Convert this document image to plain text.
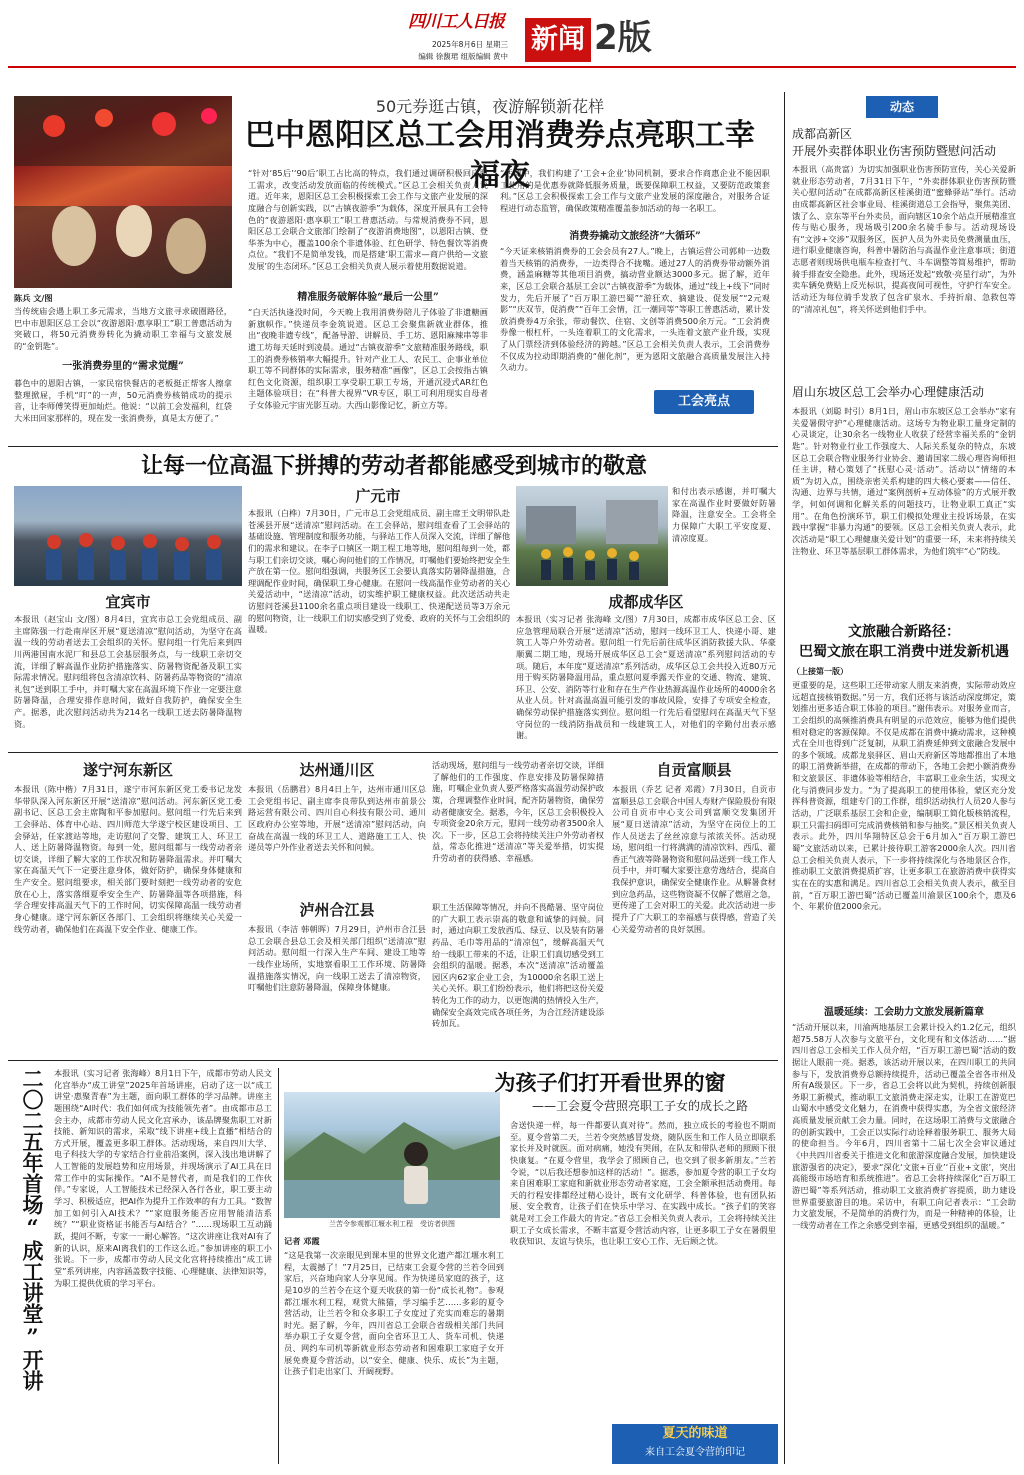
四川工人日报
2025年8月6日 星期三
编辑 徐馥珺 组版编辑 黄中
新闻 2版
陈兵 文/图
当传统庙会遇上职工多元需求，当地方文旅寻求破圈路径，巴中市恩阳区总工会以“夜游恩阳·惠享职工”职工普惠活动为突破口，将50元消费券转化为撬动职工幸福与文旅发展的“金钥匙”。
一张消费券里的“需求觉醒”
暮色中的恩阳古镇，一家民宿快餐店的老板挺正帮客人擦拿整理掀屉，手机“叮”的一声，50元消费券核销成功的提示音，让李师傅笑得更加灿烂。他说：“以前工会发福利，红袋大米田回家那样的，现在发一张消费券，真是太方便了。”
50元券逛古镇，夜游解锁新花样
巴中恩阳区总工会用消费券点亮职工幸福夜
“针对‘85后’‘90后’职工占比高的特点，我们通过调研积极回应职工需求，改变活动发放面临的传统模式。”区总工会相关负责人说道。近年来，恩阳区总工会积极探索工会工作与文旅产业发展的深度融合与创新实践，以“古镇夜游季”为载体，深度开展具有工会特色的“夜游恩阳·惠享职工”职工普惠活动。与常规消费券不同，恩阳区总工会联合文旅部门绘制了“夜游消费地图”，以恩阳古镇、登华茶为中心，覆盖100余个非遗体验、红色研学、特色餐饮等消费点位。“我们不是简单发钱，而是搭建‘职工需求—商户供给—文旅发展’的生态闭环。”区总工会相关负责人展示着使用数据说道。
精准服务破解体验“最后一公里”
“白天活执逢没时间，今天晚上我用消费券陪儿子体验了非遗糖画新旗帜作。”快递员李金筑说道。区总工会聚焦新就业群体，推出“夜晚非遗专线”，配备导游、讲解员、手工坊、恩阳麻辣串等非遗工坊每天延时到凌晨。通过“古镇夜游季”文旅精准服务路线，职工的消费券核销率大幅提升。针对产业工人、农民工、企事业单位职工等不同群体的实际需求，服务精准“画像”，区总工会按指古镇红色文化资源，组织职工享受职工职工专场，开通沉浸式AR红色主题体验项目；在“科普大视界”VR专区，职工可利用现实自母者子女体验元宇宙光影互动。大西山影像记忆，新立方等。
“活动中，我们构建了‘工会+企业’协同机制，要求合作商惠企业不能因职工使用的是优惠券就降低服务质量，既要保障职工权益，又要防范政策套利。”区总工会积极探索工会工作与文旅产业发展的深度融合，对服务合证程进行动态监管，确保政策精准覆盖参加活动的每一名职工。
消费券撬动文旅经济“大循环”
“今天证来核销消费券的工会会员有27人。”晚上，古镇运营公司郭帅一边数着当天核销的消费券，一边类得合不拢嘴。通过27人的消费券带动额外消费，涵盖麻糖等其他项目消费，搞动营业额达3000多元。据了解，近年来，区总工会联合基层工会以“古镇夜游季”为载体，通过“线上+线下”同时发力，先后开展了“百万职工游巴蜀”“游狂欢、摘建设、促发展”“2元观影”“庆双节，促消费”“百年工会情，江一潮同等”等职工普惠活动，累计发放消费券4万余张，带动餐饮、住宿、文创等消费500余万元。“工会消费券像一根杠杆，一头连着职工的文化需求，一头连着文旅产业升级，实现了从门票经济到体验经济的跨越。”区总工会相关负责人表示，工会消费券不仅成为拉动即期消费的“催化剂”，更为恩阳文旅融合高质量发展注入持久动力。
工会亮点
让每一位高温下拼搏的劳动者都能感受到城市的敬意
宜宾市
本报讯（赵宝山 文/图）8月4日，宜宾市总工会党组成员、副主席陈强一行赴南岸区开展“夏送清凉”慰问活动，为坚守在高温一线的劳动者送去工会组织的关怀。慰问组一行先后来到四川两港国南水泥厂和县总工会基层服务点，与一线职工亲切交流，详细了解高温作业防护措施落实、防暑物资配备及职工实际需求情况。慰问组将包含清凉饮料、防暑药品等物资的“清凉礼包”送到职工手中，并叮嘱大家在高温环境下作业一定要注意防暑降温，合理安排作息时间，做好自我防护，确保安全生产。据悉，此次慰问活动共为214名一线职工送去防暑降温物资。
广元市
本报讯（白桦）7月30日，广元市总工会党组成员、副主席王文明带队赴苍溪县开展“送清凉”慰问活动。在工会驿站，慰问组查看了工会驿站的基础设施、管理制度和服务功能，与驿站工作人员深入交流，详细了解他们的需求和建议。在李子口镇区一期工程工地等地，慰问组每到一处，都与职工们亲切交谈，嘱心询问他们的工作情况，叮嘱他们要始终把安全生产放在第一位。慰问组强调，共服务区工会要认真落实防暑降温措施，合理调配作业时间，确保职工身心健康。在慰问一线高温作业劳动者的关心关爱活动中，“送清凉”活动，切实维护职工健康权益。此次送活动共走访慰问苍溪县1100余名重点项目建设一线职工、快递配送员等3万余元的慰问物资，让一线职工们切实感受到了党委、政府的关怀与工会组织的温暖。
和付出表示感谢，并叮嘱大家在高温作业时要做好防暑降温，注意安全。工会将全力保障广大职工平安度夏、清凉度夏。
成都成华区
本报讯（实习记者 张海峰 文/图）7月30日，成都市成华区总工会、区应急管理局联合开展“送清凉”活动，慰问一线环卫工人、快递小哥、建筑工人等户外劳动者。慰问组一行先后前往成华区消防救援大队、华豪顺翼二期工地，现场开展成华区总工会“夏送清凉”系列慰问活动的专项。随后，本年度“夏送清凉”系列活动，成华区总工会共投入近80万元用于购买防暑降温用品，重点慰问夏季露天作业的交通、物流、建筑、环卫、公安、消防等行业和存在生产作业热源高温作业场所的4000余名从业人员。针对高温高温可能引发的事故风险，安排了专项安全检查，确保劳动保护措施落实到位。慰问组一行先后看望慰问在高温天气下坚守岗位的一线消防指战员和一线建筑工人，对他们的辛勤付出表示感谢。
遂宁河东新区
本报讯（陈中楷）7月31日，遂宁市河东新区党工委书记龙发华带队深入河东新区开展“送清凉”慰问活动。河东新区党工委副书记、区总工会主席陶和平参加慰问。慰问组一行先后来到工会驿站、体育中心站、四川师范大学遂宁校区建设项目、工会驿站，任家渡站等地，走访慰问了交警、建筑工人、环卫工人、送上防暑降温物资。每到一处，慰问组都与一线劳动者亲切交谈，详细了解大家的工作状况和防暑降温需求。并叮嘱大家在高温天气下一定要注意身体，做好防护，确保身体健康和生产安全。慰问组要求，相关部门要时刻把一线劳动者的安危放在心上，落实落细夏季安全生产、防暑降温等各项措施，科学合理安排高温天气下的工作时间，切实保障高温一线劳动者身心健康。遂宁河东新区各部门、工会组织将继续关心关爱一线劳动者，确保他们在高温下安全作业、健康工作。
达州通川区
本报讯（岳鹏君）8月4日上午，达州市通川区总工会党组书记、副主席李良带队到达州市前景公路运营有限公司、四川自心科技有限公司、通川区政府办公室等地，开展“送清凉”慰问活动，向奋战在高温一线的环卫工人、道路施工工人、快递员等户外作业者送去关怀和问候。
泸州合江县
本报讯（李洁 韩朝晖）7月29日，泸州市合江县总工会联合县总工会及相关部门组织“送清凉”慰问活动。慰问组一行深入生产车间、建设工地等一线作业场所，实地察看职工工作环境、防暑降温措施落实情况，向一线职工送去了清凉物资，叮嘱他们注意防暑降温，保障身体健康。
活动现场，慰问组与一线劳动者亲切交谈，详细了解他们的工作强度、作息安排及防暑保障措施，叮嘱企业负责人要严格落实高温劳动保护政策，合理调整作业时间，配齐防暑物资，确保劳动者健康安全。据悉，今年，区总工会积极投入专项资金20余万元，慰问一线劳动者3500余人次。下一步，区总工会将持续关注户外劳动者权益，常态化推进“送清凉”等关爱举措，切实提升劳动者的获得感、幸福感。
职工生活保障等情况，并向不畏酷暑、坚守岗位的广大职工表示崇高的敬意和诚挚的问候。同时，通过向职工发放西瓜、绿豆、以及装有防暑药品、毛巾等用品的“清凉包”，缓解高温天气给一线职工带来的不适，让职工们真切感受到工会组织的温暖。据悉，本次“送清凉”活动覆盖园区内62家企业工会，为10000余名职工送上关心关怀。职工们纷纷表示，他们将把这份关爱转化为工作的动力，以更饱满的热情投入生产，确保安全高效完成各项任务，为合江经济建设添砖加瓦。
自贡富顺县
本报讯（乔艺 记者 邓霞）7月30日，自贡市富顺县总工会联合中国人寿财产保险股份有限公司自贡市中心支公司到富顺交发集团开展“夏日送清凉”活动，为坚守在岗位上的工作人员送去了丝丝凉意与浓浓关怀。活动现场，慰问组一行将满满的清凉饮料、西瓜、藿香正气液等降暑物资和慰问品送到一线工作人员手中，并叮嘱大家要注意劳逸结合，提高自我保护意识，确保安全健康作业。从解暑食材到应急药品，这些物资凝不仅解了燃眉之急，更传递了工会对职工的关爱。此次活动进一步提升了广大职工的幸福感与获得感，营造了关心关爱劳动者的良好氛围。
动态
成都高新区
开展外卖群体职业伤害预防暨慰问活动
本报讯（高贵富）为切实加强职业伤害预防宣传，关心关爱新就业形态劳动者，7月31日下午，“外卖群体职业伤害预防暨关心慰问活动”在成都高新区桂溪街道“蜜蜂驿站”举行。活动由成都高新区社会事业局、桂溪街道总工会指导，聚焦美团、饿了么、京东等平台外卖员，面向辖区10余个站点开展精准宣传与贴心服务，现场吸引200余名骑手参与。活动现场设有“文涉+交涉”双服务区，医护人员为外卖员免费测量血压，进行职业健康咨询，科普中暑防治与高温作业注意事项；街道志愿者则现场供电瓶车检查打气、斗车调整等简易维护，帮助骑手排查安全隐患。此外，现场还发起“致敬·亮星行动”，为外卖车辆免费贴上反光标识，提高夜间可视性，守护行车安全。活动还为每位骑手发放了包含矿泉水、手持折扇、急救包等的“清凉礼包”，将关怀送到他们手中。
眉山东坡区总工会举办心理健康活动
本报讯（刘聪 时引）8月1日，眉山市东坡区总工会举办“家有关爱暑假守护”心理健康活动。这场专为物业职工量身定制的心灵谈定，让30余名一线物业人收获了经营幸福关系的“金钥匙”。针对物业行业工作强度大、人际关系复杂的特点，东坡区总工会联合物业服务行业协会、邀请国家二级心理咨询师担任主讲，精心策划了“抚慰心灵·活动”。活动以“情绪的本质”为切入点，围绕亲密关系构建的四大核心要素——信任、沟通、边界与共情，通过“案例剖析+互动体验”的方式展开教学，何如何调和化解关系的问题技巧，让物业职工真正“实用”。在角色扮演环节，职工们模拟处理业主投诉场景，在实践中掌握“非暴力沟通”的要领。区总工会相关负责人表示，此次活动是“职工心理健康关爱计划”的重要一环，未来将持续关注物业、环卫等基层职工群体需求，为他们筑牢“心”防线。
文旅融合新路径：
巴蜀文旅在职工消费中迸发新机遇
（上接第一版）
更重要的是，这些职工还带动家人朋友来消费，实际带动效应远超直接核销数据。”另一方，我们还将与该活动深度绑定，策划推出更多适合职工体验的项目。”谢伟表示。对服务业而言，工会组织的高频推消费具有明显的示范效应，能够为他们提供相对稳定的客源保障。不仅是成都在消费中撬动需求，这种模式在全川也得到广泛复制，从职工消费延伸到文旅融合发展中的多个领域。成都龙泉驿区、眉山天府新区等地都推出了本地的职工消费新举措，在成都的带动下，各地工会把小额消费券和文旅景区、非遗体验等相结合，丰富职工业余生活，实现文化与消费同步发力。“为了提高职工的使用体验，蒙区充分发挥科普资源，组建专门的工作群，组织活动执行人员20人参与活动，广泛联系基层工会和企业，编制职工简化版核销流程，职工只需扫码即可完成消费核销和参与抽奖。”景区相关负责人表示。此外，四川华翔特区总会于6月加入“百万职工游巴蜀”文旅活动以来，已累计接待职工游客2000余人次。四川省总工会相关负责人表示，下一步将持续深化与各地景区合作，推动职工文旅消费提质扩容，让更多职工在旅游消费中获得实实在在的实惠和满足。四川省总工会相关负责人表示，截至目前，“百万职工游巴蜀”活动已覆盖川渝景区100余个，惠及6个、年累价值2000余元。
温暖延续：工会助力文旅发展新篇章
“活动开展以来，川渝两地基层工会累计投入约1.2亿元，组织超75.58万人次参与文旅平台，文化现有和文体活动……”据四川省总工会相关工作人员介绍，“百万职工游巴蜀”活动的数据让人眼前一亮。据悉，该活动开展以来，在四川职工的共同参与下，发放消费券总额持续提升，活动已覆盖全省各市州及所有A级景区。下一步，省总工会将以此为契机，持续创新服务职工新模式，推动职工文旅消费走深走实，让职工在游览巴山蜀水中感受文化魅力，在消费中获得实惠，为全省文旅经济高质量发展贡献工会力量。同时，在这场职工消费与文旅融合的创新实践中，工会正以实际行动诠释着服务职工、服务大局的使命担当。今年6月，四川省第十二届七次全会审议通过《中共四川省委关于推进文化和旅游深度融合发展，加快建设旅游强省的决定》，要求“深化‘文旅+百业’‘百业+文旅’，突出高能级市场培育和系统推进”。省总工会将持续深化“百万职工游巴蜀”等系列活动，推动职工文旅消费扩容提质，助力建设世界重要旅游目的地。采访中，有职工向记者表示：“工会助力文旅发展，不是简单的消费行为，而是一种精神的体验，让一线劳动者在工作之余感受到幸福，更感受到组织的温暖。”
二〇二五年首场“成工讲堂”开讲 本报讯（实习记者 张海峰）8月1日下午，成都市劳动人民文化宫举办“成工讲堂”2025年首场讲座，启动了这一以“成工讲堂·惠聚青春”为主题，面向职工群体的学习品牌。讲座主题围绕“AI时代：我们如何成为技能领先者”。由成都市总工会主办，成都市劳动人民文化宫承办，该品牌聚焦职工对新技能、新知识的需求，采取“线下讲座+线上直播”相结合的方式开展，覆盖更多职工群体。活动现场，来自四川大学、电子科技大学的专家结合行业前沿案例，深入浅出地讲解了人工智能的发展趋势和应用场景，并现场演示了AI工具在日常工作中的实际操作。“AI不是替代者，而是我们的工作伙伴。”专家说，人工智能技术已经深入各行各业，职工要主动学习、积极适应，把AI作为提升工作效率的有力工具。“数智加工如何引入AI技术？”“家庭服务能否应用智能清洁系统？”“职业资格证书能否与AI结合？”……现场职工互动踊跃，提问不断，专家一一耐心解答。“这次讲座让我对AI有了新的认识，原来AI离我们的工作这么近。”参加讲座的职工小张说。下一步，成都市劳动人民文化宫将持续推出“成工讲堂”系列讲座，内容涵盖数字技能、心理健康、法律知识等，为职工提供优质的学习平台。
兰苦令参观都江堰水利工程　受访者供图
为孩子们打开看世界的窗
——工会夏令营照亮职工子女的成长之路
记者 邓霞
“这是我第一次亲眼见到课本里的世界文化遗产都江堰水利工程，太震撼了！”7月25日，已结束工会夏令营的兰若令回到家后，兴奋地向家人分享见闻。作为快递员家庭的孩子，这是10岁的兰若令在这个夏天收获的第一份“成长礼物”。参观都江堰水利工程，观赏大熊猫，学习编手艺……多彩的夏令营活动，让兰若令和众多职工子女度过了充实而难忘的暑期时光。据了解，今年，四川省总工会联合省级相关部门共同举办职工子女夏令营，面向全省环卫工人、货车司机、快递员、网约车司机等新就业形态劳动者和困难职工家庭子女开展免费夏令营活动，以“安全、健康、快乐、成长”为主题，让孩子们走出家门、开阔视野。
舍送快递一样，每一件都要认真对待”。然而，独立成长的考验也不期而至。夏令营第二天，兰若令突然感冒发烧，随队医生和工作人员立即联系家长并及时就医。面对病痛，她没有哭闹，在队友和带队老师的照顾下很快康复。“在夏令营里，我学会了照顾自己，也交到了很多新朋友。”兰若令说，“以后我还想参加这样的活动！”。据悉，参加夏令营的职工子女均来自困难职工家庭和新就业形态劳动者家庭，工会全额承担活动费用。每天的行程安排都经过精心设计，既有文化研学、科普体验，也有团队拓展、安全教育，让孩子们在快乐中学习、在实践中成长。“孩子们的笑容就是对工会工作最大的肯定。”省总工会相关负责人表示，工会将持续关注职工子女成长需求，不断丰富夏令营活动内容，让更多职工子女在暑假里收获知识、友谊与快乐，也让职工安心工作、无后顾之忧。
夏天的味道
来自工会夏令营的印记
